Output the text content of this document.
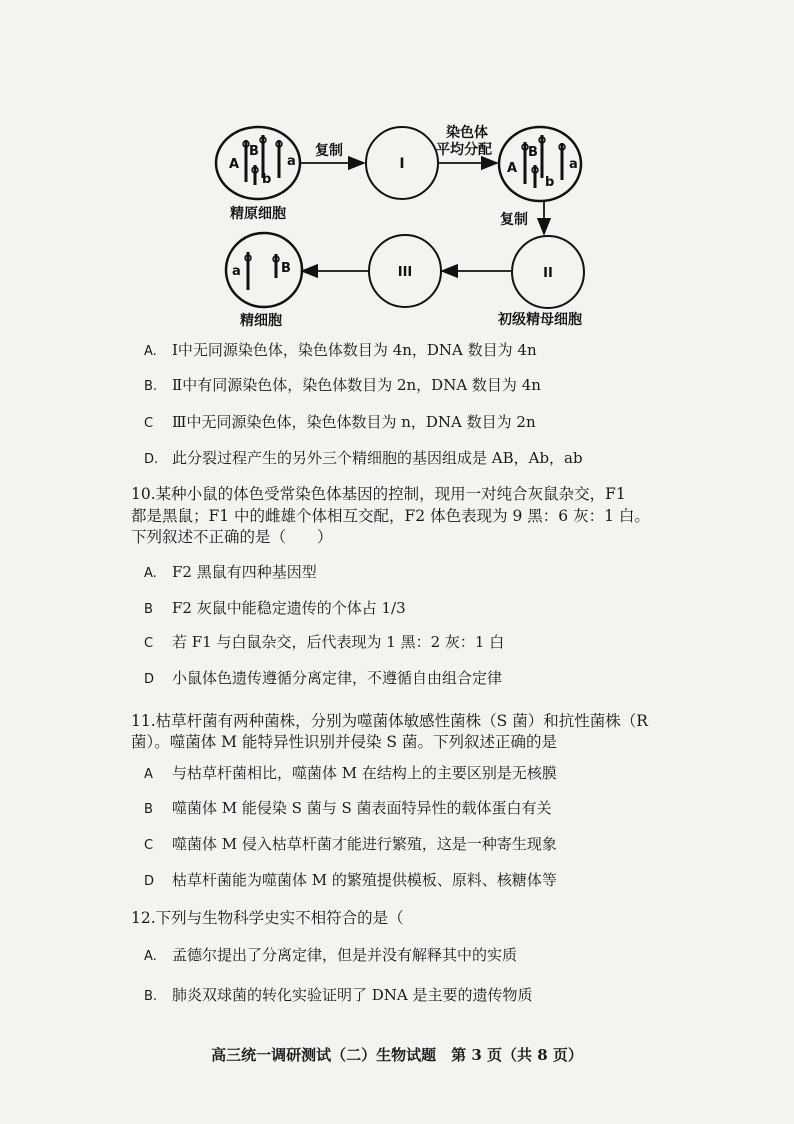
A
B
b
a
精原细胞
复制
I
染色体
平均分配
A
B
b
a
复制
II
初级精母细胞
III
a	B
精细胞
A. Ⅰ中无同源染色体，染色体数目为 4n，DNA 数目为 4n
B. Ⅱ中有同源染色体，染色体数目为 2n，DNA 数目为 4n
C Ⅲ中无同源染色体，染色体数目为 n，DNA 数目为 2n
D. 此分裂过程产生的另外三个精细胞的基因组成是 AB，Ab，ab
10.某种小鼠的体色受常染色体基因的控制，现用一对纯合灰鼠杂交，F1
都是黑鼠；F1 中的雌雄个体相互交配，F2 体色表现为 9 黑：6 灰：1 白。
下列叙述不正确的是（　　）
A. F2 黑鼠有四种基因型
B F2 灰鼠中能稳定遗传的个体占 1/3
C 若 F1 与白鼠杂交，后代表现为 1 黑：2 灰：1 白
D 小鼠体色遗传遵循分离定律，不遵循自由组合定律
11.枯草杆菌有两种菌株，分别为噬菌体敏感性菌株（S 菌）和抗性菌株（R
菌）。噬菌体 M 能特异性识别并侵染 S 菌。下列叙述正确的是
A 与枯草杆菌相比，噬菌体 M 在结构上的主要区别是无核膜
B 噬菌体 M 能侵染 S 菌与 S 菌表面特异性的载体蛋白有关
C 噬菌体 M 侵入枯草杆菌才能进行繁殖，这是一种寄生现象
D 枯草杆菌能为噬菌体 M 的繁殖提供模板、原料、核糖体等
12.下列与生物科学史实不相符合的是（
A. 孟德尔提出了分离定律，但是并没有解释其中的实质
B. 肺炎双球菌的转化实验证明了 DNA 是主要的遗传物质
高三统一调研测试（二）生物试题　第 3 页（共 8 页）
